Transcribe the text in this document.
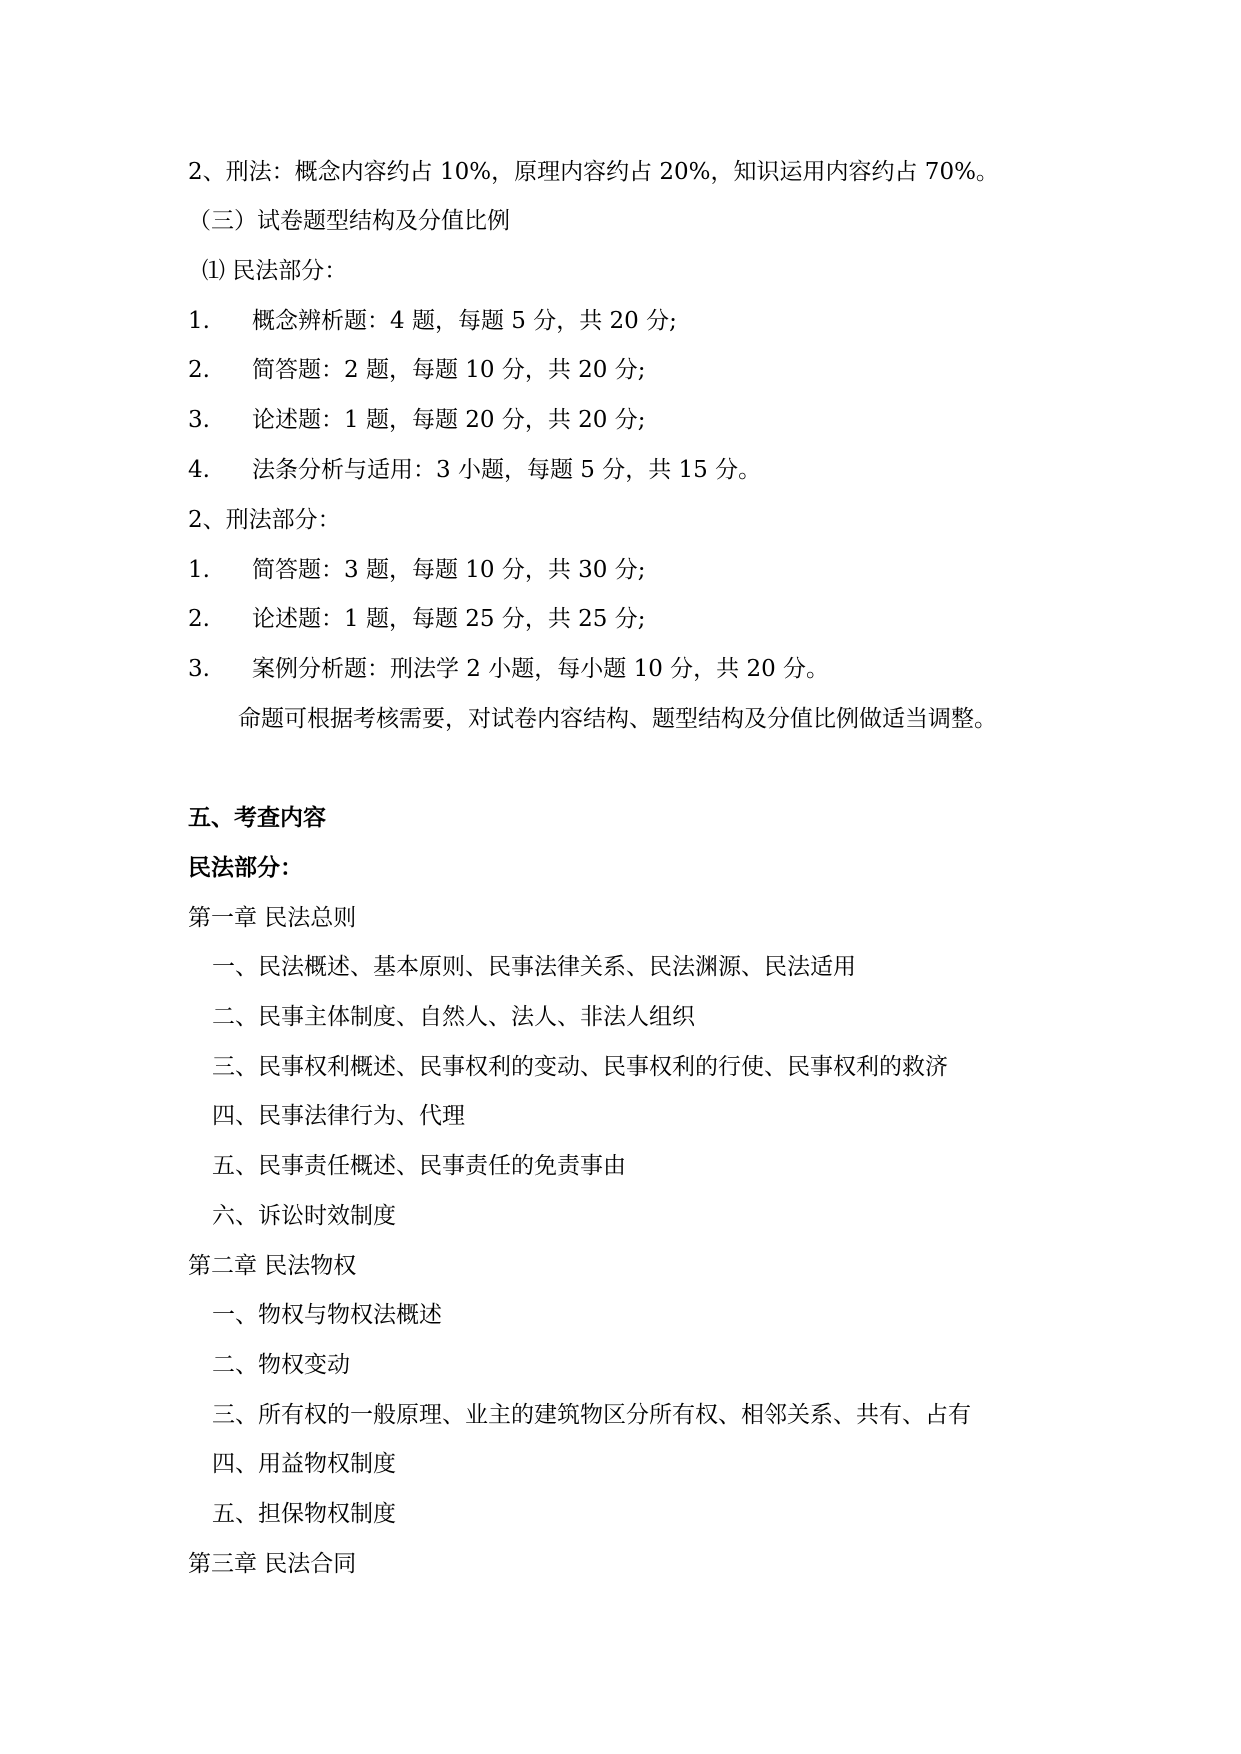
2、刑法：概念内容约占 10%，原理内容约占 20%，知识运用内容约占 70%。
（三）试卷题型结构及分值比例
⑴ 民法部分：
1. 概念辨析题：4 题，每题 5 分，共 20 分;
2. 简答题：2 题，每题 10 分，共 20 分;
3. 论述题：1 题，每题 20 分，共 20 分;
4. 法条分析与适用：3 小题，每题 5 分，共 15 分。
2、刑法部分：
1. 简答题：3 题，每题 10 分，共 30 分;
2. 论述题：1 题，每题 25 分，共 25 分;
3. 案例分析题：刑法学 2 小题，每小题 10 分，共 20 分。
命题可根据考核需要，对试卷内容结构、题型结构及分值比例做适当调整。
五、考查内容
民法部分：
第一章 民法总则
一、民法概述、基本原则、民事法律关系、民法渊源、民法适用
二、民事主体制度、自然人、法人、非法人组织
三、民事权利概述、民事权利的变动、民事权利的行使、民事权利的救济
四、民事法律行为、代理
五、民事责任概述、民事责任的免责事由
六、诉讼时效制度
第二章 民法物权
一、物权与物权法概述
二、物权变动
三、所有权的一般原理、业主的建筑物区分所有权、相邻关系、共有、占有
四、用益物权制度
五、担保物权制度
第三章 民法合同
